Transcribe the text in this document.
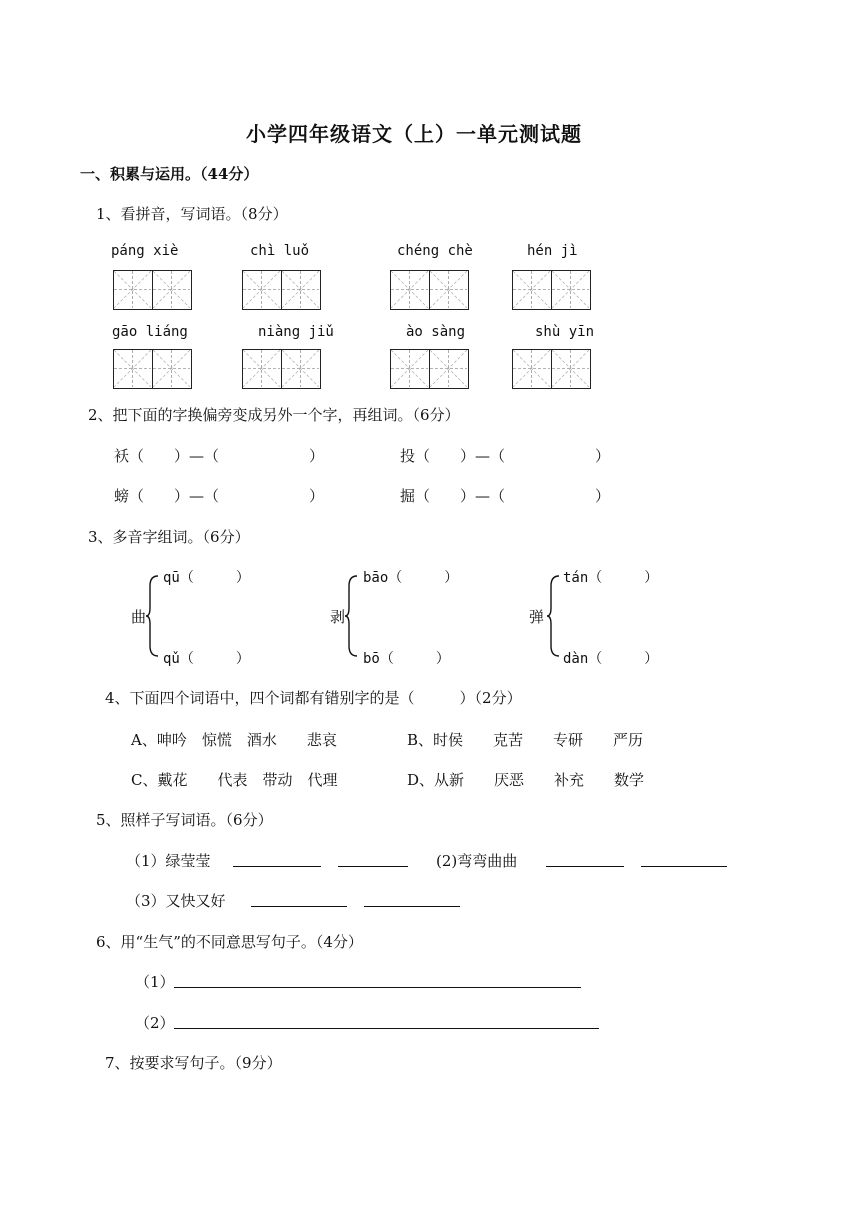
小学四年级语文（上）一单元测试题
一、积累与运用。（44分）
1、看拼音，写词语。（8分）
páng xiè	chì luǒ	chéng chè	hén jì
gāo liáng	niàng jiǔ	ào sàng	shù yīn
2、把下面的字换偏旁变成另外一个字，再组词。（6分）
袄（　　）—（　　　　　　）	投（　　）—（　　　　　　）
螃（　　）—（　　　　　　）	掘（　　）—（　　　　　　）
3、多音字组词。（6分）
曲
qū（　　　）
qǔ（　　　）
剥
bāo（　　　）
bō（　　　）
弹
tán（　　　）
dàn（　　　）
4、下面四个词语中，四个词都有错别字的是（　　　）（2分）
A、呻吟　惊慌　酒水　　悲哀	B、时侯　　克苦　　专研　　严历
C、戴花　　代表　带动　代理	D、从新　　厌恶　　补充　　数学
5、照样子写词语。（6分）
（1）绿莹莹	(2)弯弯曲曲
（3）又快又好
6、用“生气”的不同意思写句子。（4分）
（1）
（2）
7、按要求写句子。（9分）
